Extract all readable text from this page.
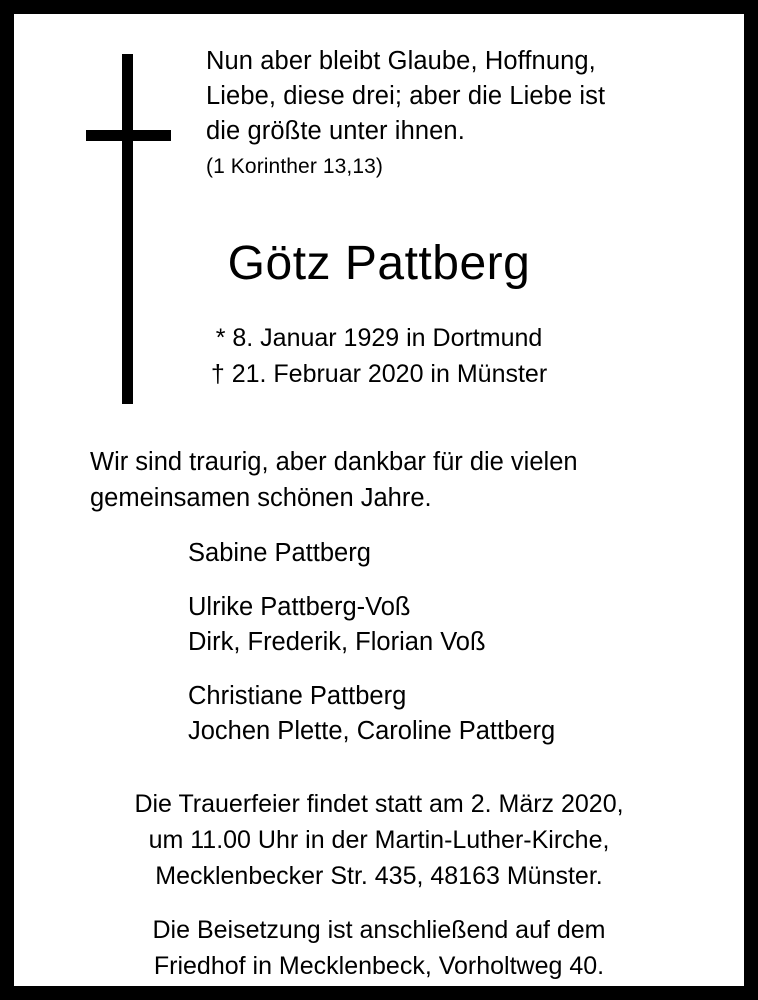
Nun aber bleibt Glaube, Hoffnung,
Liebe, diese drei; aber die Liebe ist
die größte unter ihnen.
(1 Korinther 13,13)
Götz Pattberg
* 8. Januar 1929 in Dortmund
† 21. Februar 2020 in Münster
Wir sind traurig, aber dankbar für die vielen
gemeinsamen schönen Jahre.
Sabine Pattberg
Ulrike Pattberg-Voß
Dirk, Frederik, Florian Voß
Christiane Pattberg
Jochen Plette, Caroline Pattberg
Die Trauerfeier findet statt am 2. März 2020,
um 11.00 Uhr in der Martin-Luther-Kirche,
Mecklenbecker Str. 435, 48163 Münster.
Die Beisetzung ist anschließend auf dem
Friedhof in Mecklenbeck, Vorholtweg 40.
